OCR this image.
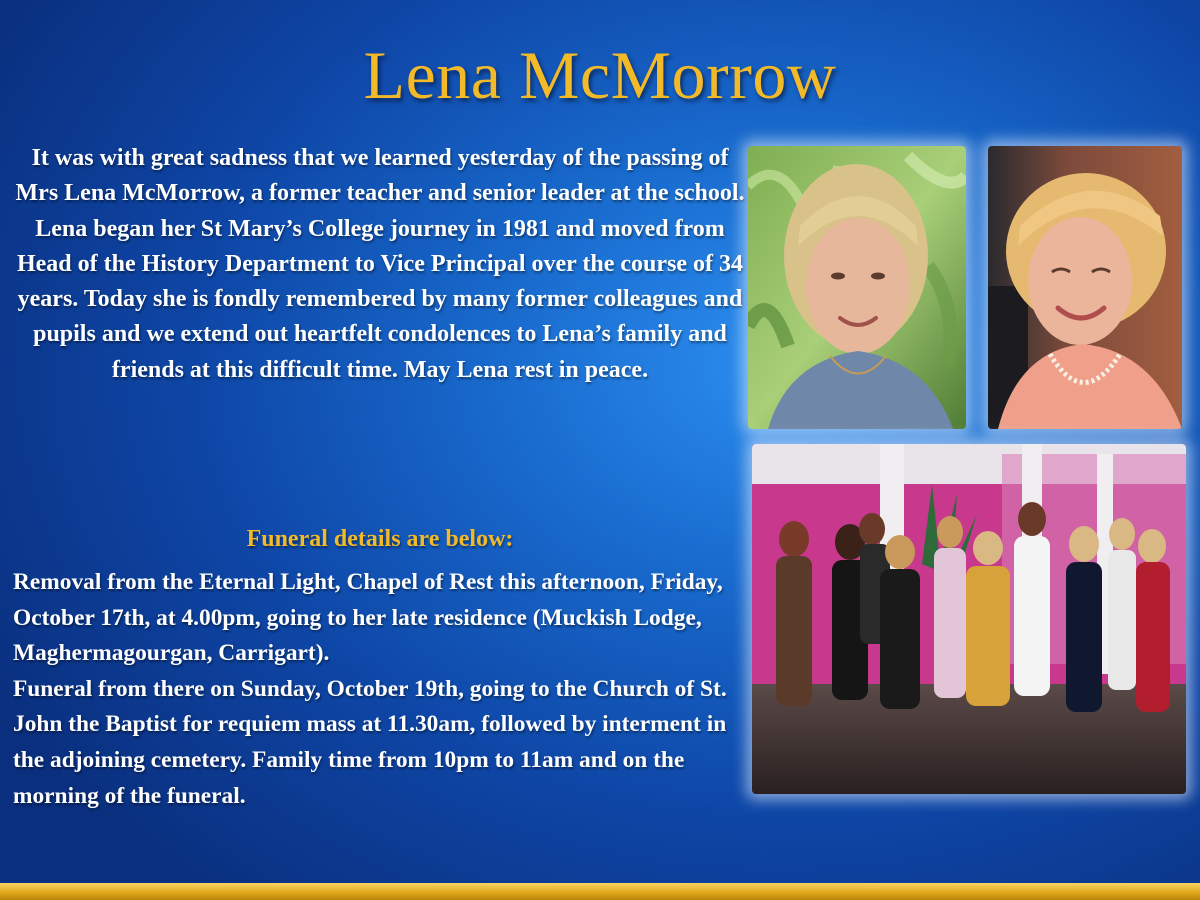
Lena McMorrow

It was with great sadness that we learned yesterday of the passing of Mrs Lena McMorrow, a former teacher and senior leader at the school. Lena began her St Mary’s College journey in 1981 and moved from Head of the History Department to Vice Principal over the course of 34 years. Today she is fondly remembered by many former colleagues and pupils and we extend out heartfelt condolences to Lena’s family and friends at this difficult time. May Lena rest in peace.

Funeral details are below:

Removal from the Eternal Light, Chapel of Rest this afternoon, Friday, October 17th, at 4.00pm, going to her late residence (Muckish Lodge, Maghermagourgan, Carrigart).

Funeral from there on Sunday, October 19th, going to the Church of St. John the Baptist for requiem mass at 11.30am, followed by interment in the adjoining cemetery. Family time from 10pm to 11am and on the morning of the funeral.
